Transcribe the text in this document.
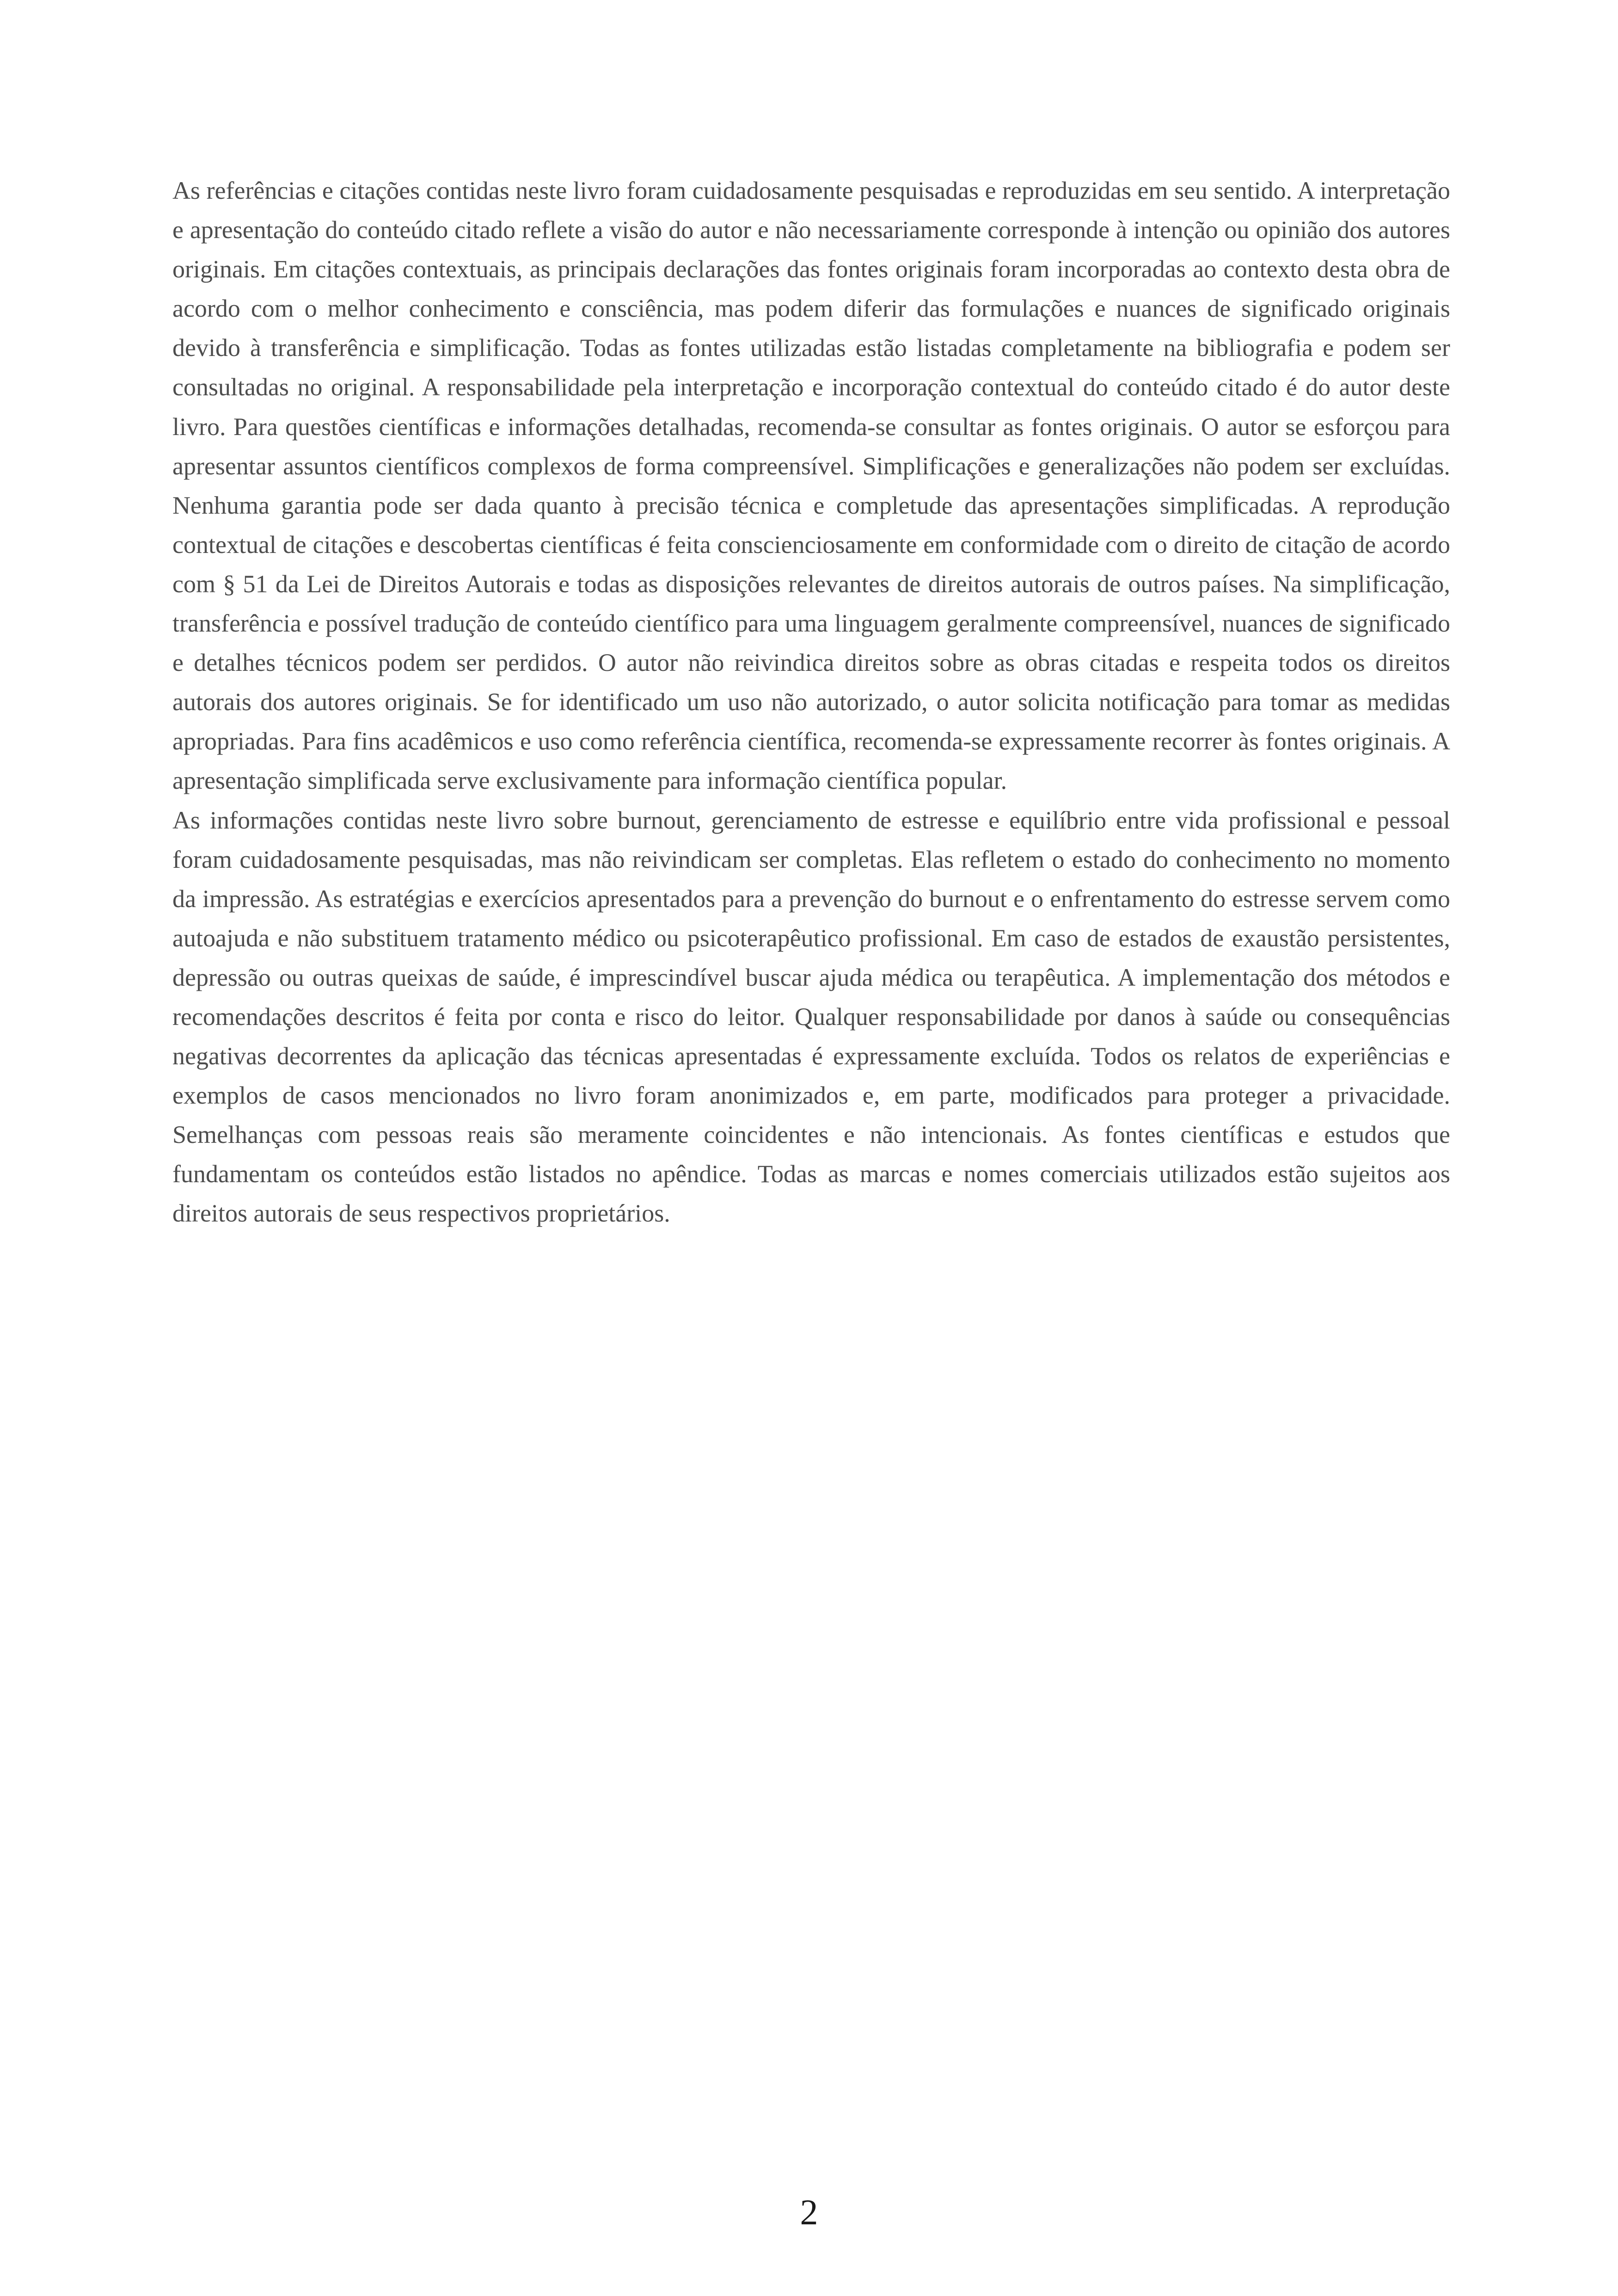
As referências e citações contidas neste livro foram cuidadosamente pesquisadas e reproduzidas em seu sentido. A interpretação e apresentação do conteúdo citado reflete a visão do autor e não necessariamente corresponde à intenção ou opinião dos autores originais. Em citações contextuais, as principais declarações das fontes originais foram incorporadas ao contexto desta obra de acordo com o melhor conhecimento e consciência, mas podem diferir das formulações e nuances de significado originais devido à transferência e simplificação. Todas as fontes utilizadas estão listadas completamente na bibliografia e podem ser consultadas no original. A responsabilidade pela interpretação e incorporação contextual do conteúdo citado é do autor deste livro. Para questões científicas e informações detalhadas, recomenda-se consultar as fontes originais. O autor se esforçou para apresentar assuntos científicos complexos de forma compreensível. Simplificações e generalizações não podem ser excluídas. Nenhuma garantia pode ser dada quanto à precisão técnica e completude das apresentações simplificadas. A reprodução contextual de citações e descobertas científicas é feita conscienciosamente em conformidade com o direito de citação de acordo com § 51 da Lei de Direitos Autorais e todas as disposições relevantes de direitos autorais de outros países. Na simplificação, transferência e possível tradução de conteúdo científico para uma linguagem geralmente compreensível, nuances de significado e detalhes técnicos podem ser perdidos. O autor não reivindica direitos sobre as obras citadas e respeita todos os direitos autorais dos autores originais. Se for identificado um uso não autorizado, o autor solicita notificação para tomar as medidas apropriadas. Para fins acadêmicos e uso como referência científica, recomenda-se expressamente recorrer às fontes originais. A apresentação simplificada serve exclusivamente para informação científica popular.

As informações contidas neste livro sobre burnout, gerenciamento de estresse e equilíbrio entre vida profissional e pessoal foram cuidadosamente pesquisadas, mas não reivindicam ser completas. Elas refletem o estado do conhecimento no momento da impressão. As estratégias e exercícios apresentados para a prevenção do burnout e o enfrentamento do estresse servem como autoajuda e não substituem tratamento médico ou psicoterapêutico profissional. Em caso de estados de exaustão persistentes, depressão ou outras queixas de saúde, é imprescindível buscar ajuda médica ou terapêutica. A implementação dos métodos e recomendações descritos é feita por conta e risco do leitor. Qualquer responsabilidade por danos à saúde ou consequências negativas decorrentes da aplicação das técnicas apresentadas é expressamente excluída. Todos os relatos de experiências e exemplos de casos mencionados no livro foram anonimizados e, em parte, modificados para proteger a privacidade. Semelhanças com pessoas reais são meramente coincidentes e não intencionais. As fontes científicas e estudos que fundamentam os conteúdos estão listados no apêndice. Todas as marcas e nomes comerciais utilizados estão sujeitos aos direitos autorais de seus respectivos proprietários.

2
